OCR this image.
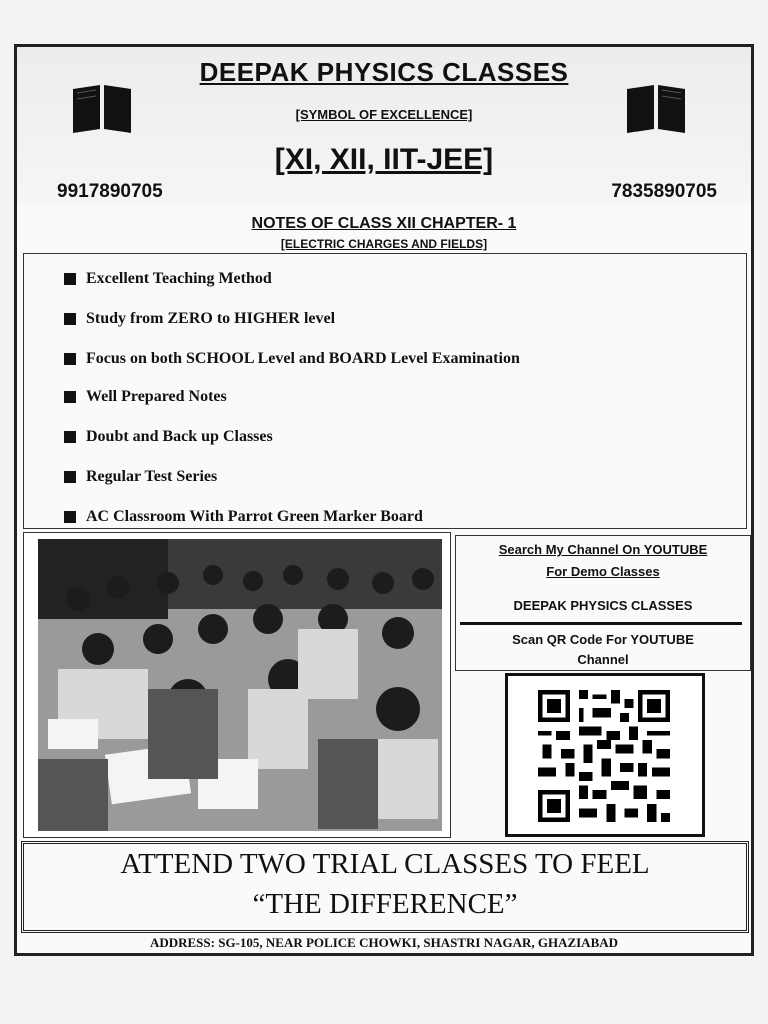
DEEPAK PHYSICS CLASSES
[SYMBOL OF EXCELLENCE]
[XI, XII, IIT-JEE]
9917890705	7835890705
NOTES OF CLASS XII CHAPTER- 1
[ELECTRIC CHARGES AND FIELDS]
Excellent Teaching Method
Study from ZERO to HIGHER level
Focus on both SCHOOL Level and BOARD Level Examination
Well Prepared Notes
Doubt and Back up Classes
Regular Test Series
AC Classroom With Parrot Green Marker Board
Search My Channel On YOUTUBE
For Demo Classes
DEEPAK PHYSICS CLASSES
Scan QR Code For YOUTUBE
Channel
ATTEND TWO TRIAL CLASSES TO FEEL
“THE DIFFERENCE”
ADDRESS: SG-105, NEAR POLICE CHOWKI, SHASTRI NAGAR, GHAZIABAD
